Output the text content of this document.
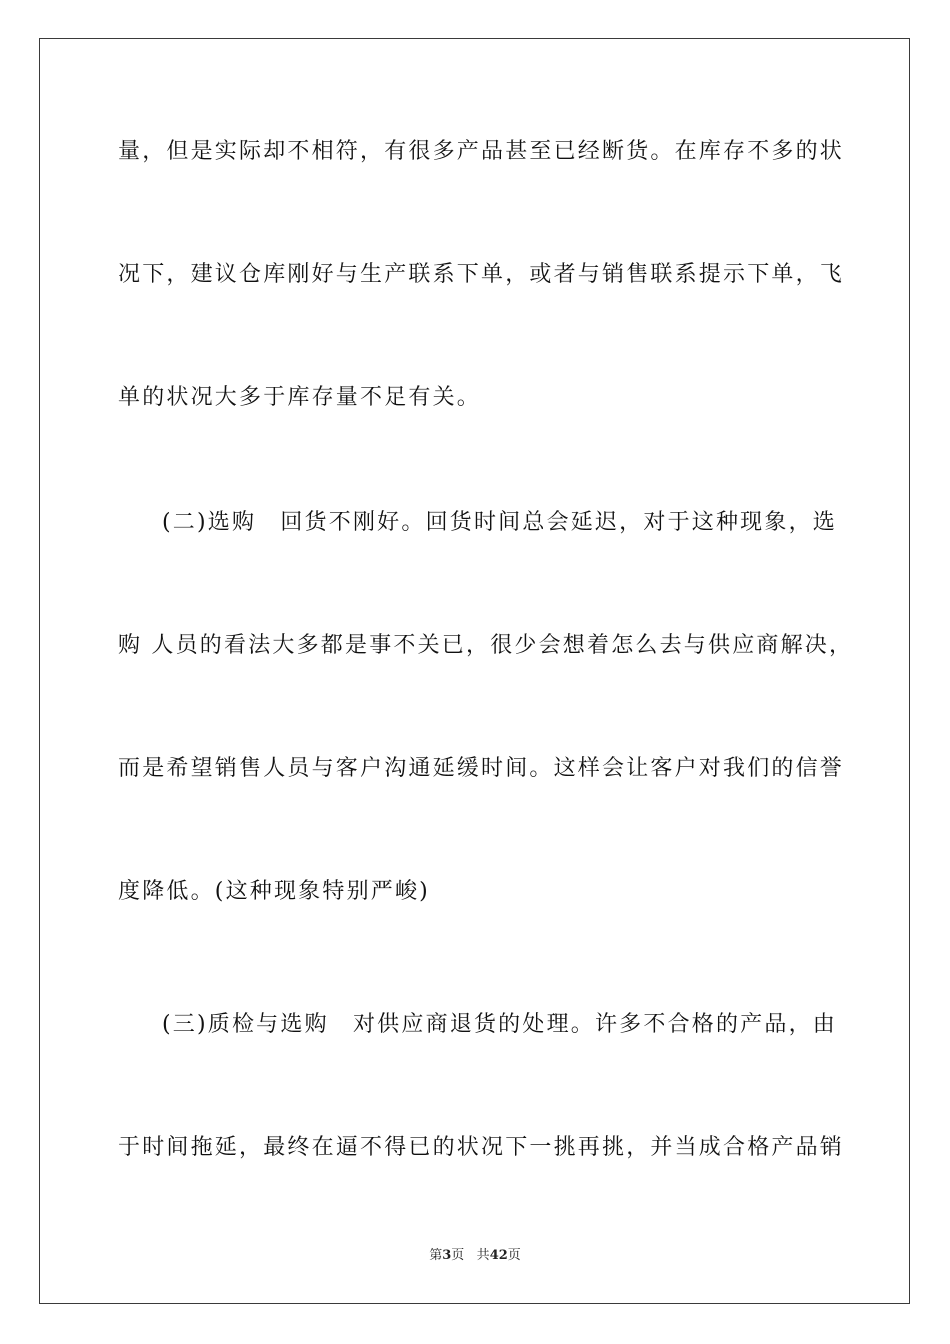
量，但是实际却不相符，有很多产品甚至已经断货。在库存不多的状
况下，建议仓库刚好与生产联系下单，或者与销售联系提示下单，飞
单的状况大多于库存量不足有关。
(二)选购　回货不刚好。回货时间总会延迟，对于这种现象，选
购 人员的看法大多都是事不关已，很少会想着怎么去与供应商解决，
而是希望销售人员与客户沟通延缓时间。这样会让客户对我们的信誉
度降低。(这种现象特别严峻)
(三)质检与选购　对供应商退货的处理。许多不合格的产品，由
于时间拖延，最终在逼不得已的状况下一挑再挑，并当成合格产品销
第3页 共42页
